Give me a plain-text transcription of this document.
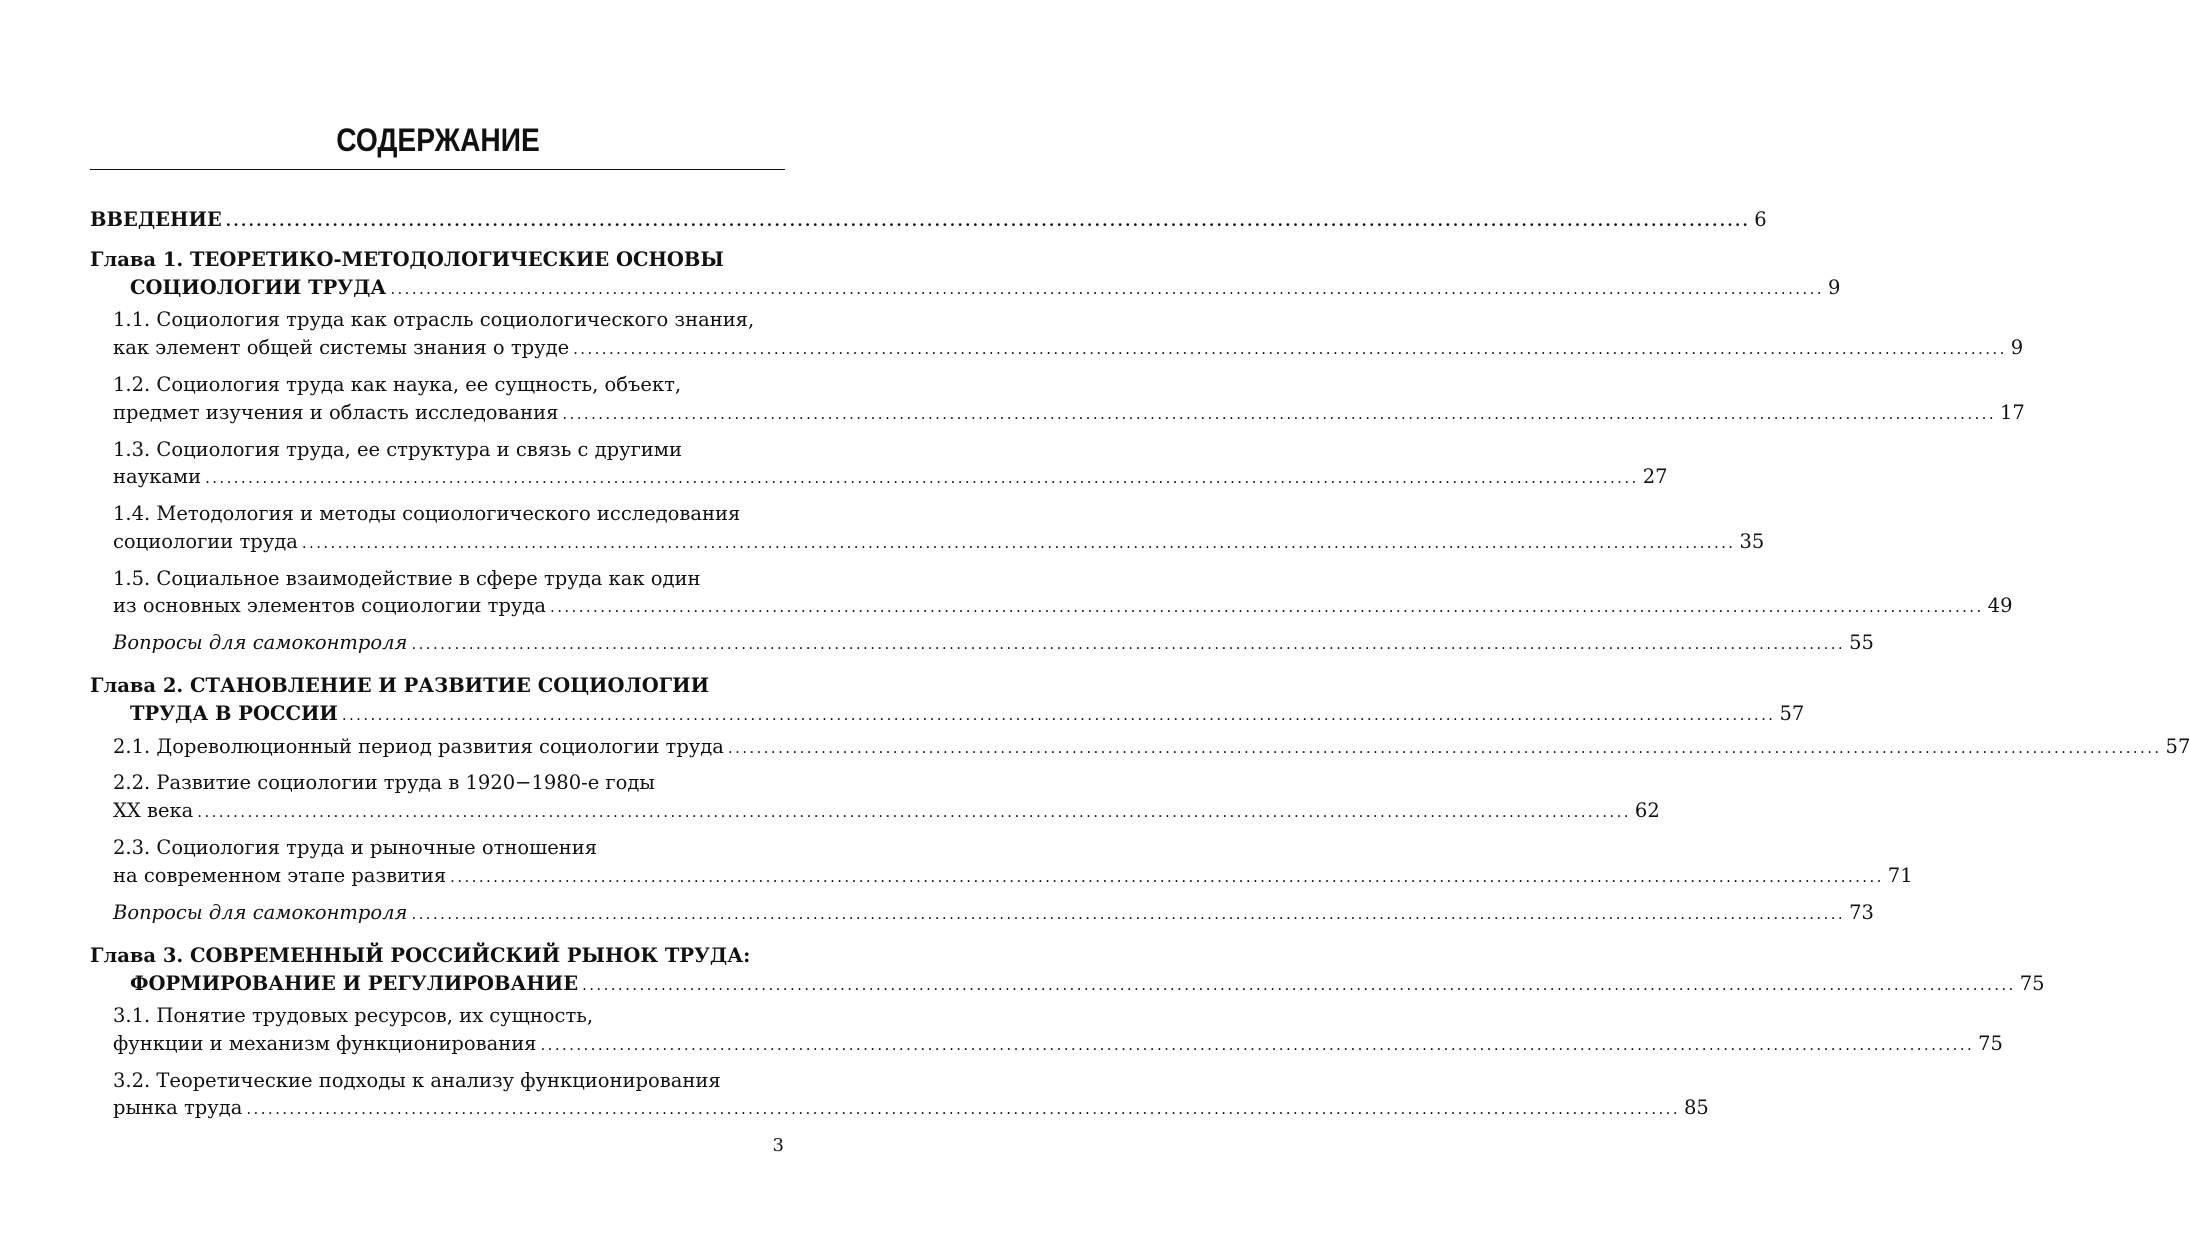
СОДЕРЖАНИЕ
ВВЕДЕНИЕ ........................................................................................................................................................................................................ 6
Глава 1. ТЕОРЕТИКО-МЕТОДОЛОГИЧЕСКИЕ ОСНОВЫ
СОЦИОЛОГИИ ТРУДА ........................................................................................................................................................................................................ 9
1.1. Социология труда как отрасль социологического знания,
как элемент общей системы знания о труде ........................................................................................................................................................................................................ 9
1.2. Социология труда как наука, ее сущность, объект,
предмет изучения и область исследования ........................................................................................................................................................................................................ 17
1.3. Социология труда, ее структура и связь с другими
науками ........................................................................................................................................................................................................ 27
1.4. Методология и методы социологического исследования
социологии труда ........................................................................................................................................................................................................ 35
1.5. Социальное взаимодействие в сфере труда как один
из основных элементов социологии труда ........................................................................................................................................................................................................ 49
Вопросы для самоконтроля ........................................................................................................................................................................................................ 55
Глава 2. СТАНОВЛЕНИЕ И РАЗВИТИЕ СОЦИОЛОГИИ
ТРУДА В РОССИИ ........................................................................................................................................................................................................ 57
2.1. Дореволюционный период развития социологии труда ........................................................................................................................................................................................................ 57
2.2. Развитие социологии труда в 1920−1980-е годы
XX века ........................................................................................................................................................................................................ 62
2.3. Социология труда и рыночные отношения
на современном этапе развития ........................................................................................................................................................................................................ 71
Вопросы для самоконтроля ........................................................................................................................................................................................................ 73
Глава 3. СОВРЕМЕННЫЙ РОССИЙСКИЙ РЫНОК ТРУДА:
ФОРМИРОВАНИЕ И РЕГУЛИРОВАНИЕ ........................................................................................................................................................................................................ 75
3.1. Понятие трудовых ресурсов, их сущность,
функции и механизм функционирования ........................................................................................................................................................................................................ 75
3.2. Теоретические подходы к анализу функционирования
рынка труда ........................................................................................................................................................................................................ 85
3
